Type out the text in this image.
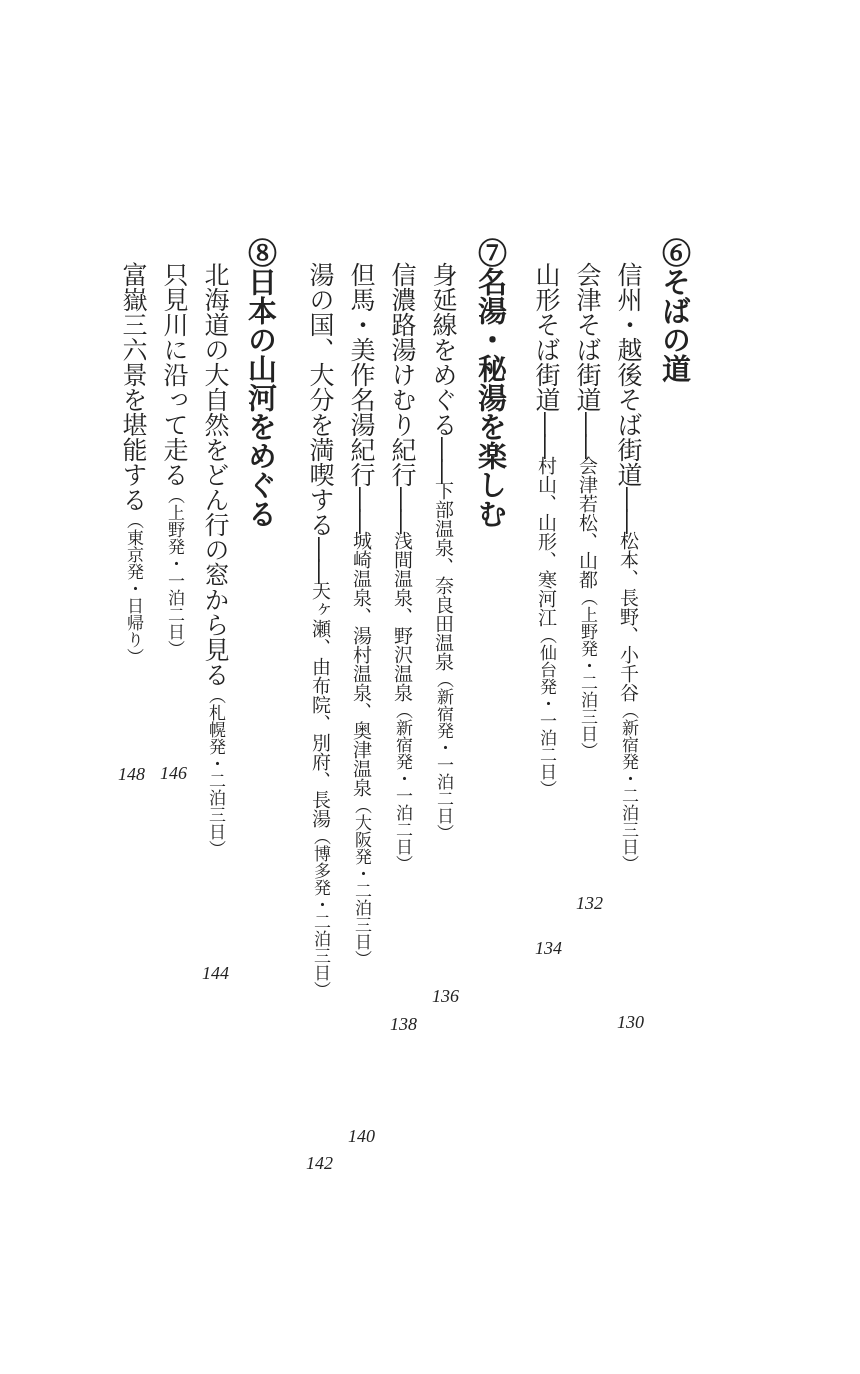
⑥そばの道
信州・越後そば街道――松本、長野、小千谷（新宿発・二泊三日）
130
会津そば街道――会津若松、山都（上野発・二泊三日）
132
山形そば街道――村山、山形、寒河江（仙台発・一泊二日）
134
⑦名湯・秘湯を楽しむ
身延線をめぐる――下部温泉、奈良田温泉（新宿発・一泊二日）
136
信濃路湯けむり紀行――浅間温泉、野沢温泉（新宿発・一泊二日）
138
但馬・美作名湯紀行――城崎温泉、湯村温泉、奥津温泉（大阪発・二泊三日）
140
湯の国、大分を満喫する――天ヶ瀬、由布院、別府、長湯（博多発・二泊三日）
142
⑧日本の山河をめぐる
北海道の大自然をどん行の窓から見る（札幌発・二泊三日）
144
只見川に沿って走る（上野発・一泊二日）
146
富嶽三六景を堪能する（東京発・日帰り）
148
